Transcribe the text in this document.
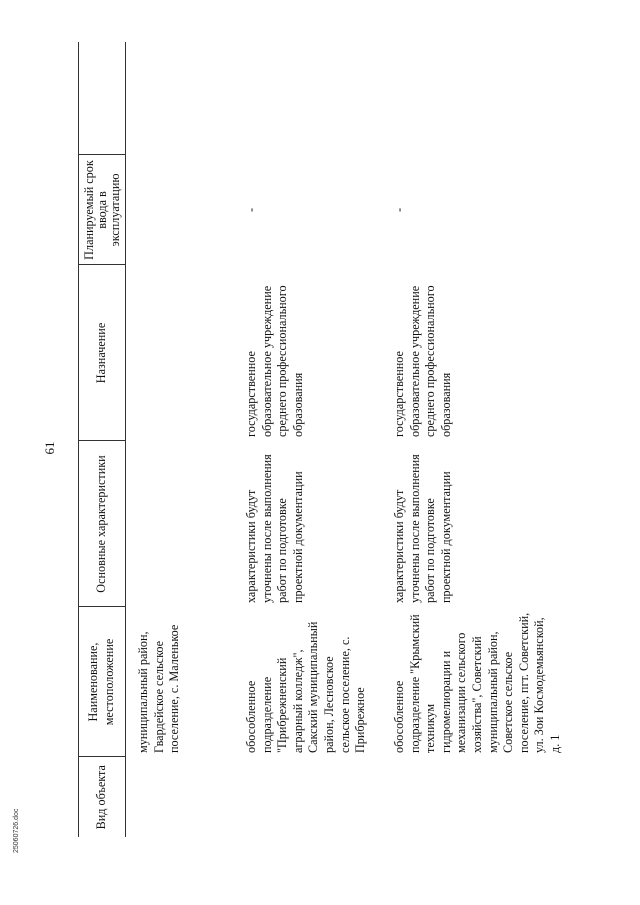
61
25060726.doc
Вид объекта	Наименование, местоположение	Основные характеристики	Назначение	Планируемый срок ввода в эксплуатацию	
	муниципальный район, Гвардейское сельское поселение, с. Маленькое				
	обособленное подразделение "Прибрежненский аграрный колледж", Сакский муниципальный район, Лесновское сельское поселение, с. Прибрежное	характеристики будут уточнены после выполнения работ по подготовке проектной документации	государственное образовательное учреждение среднего профессионального образования	-	
	обособленное подразделение "Крымский техникум гидромелиорации и механизации сельского хозяйства", Советский муниципальный район, Советское сельское поселение, пгт. Советский, ул. Зои Космодемьянской, д. 1	характеристики будут уточнены после выполнения работ по подготовке проектной документации	государственное образовательное учреждение среднего профессионального образования	-	
